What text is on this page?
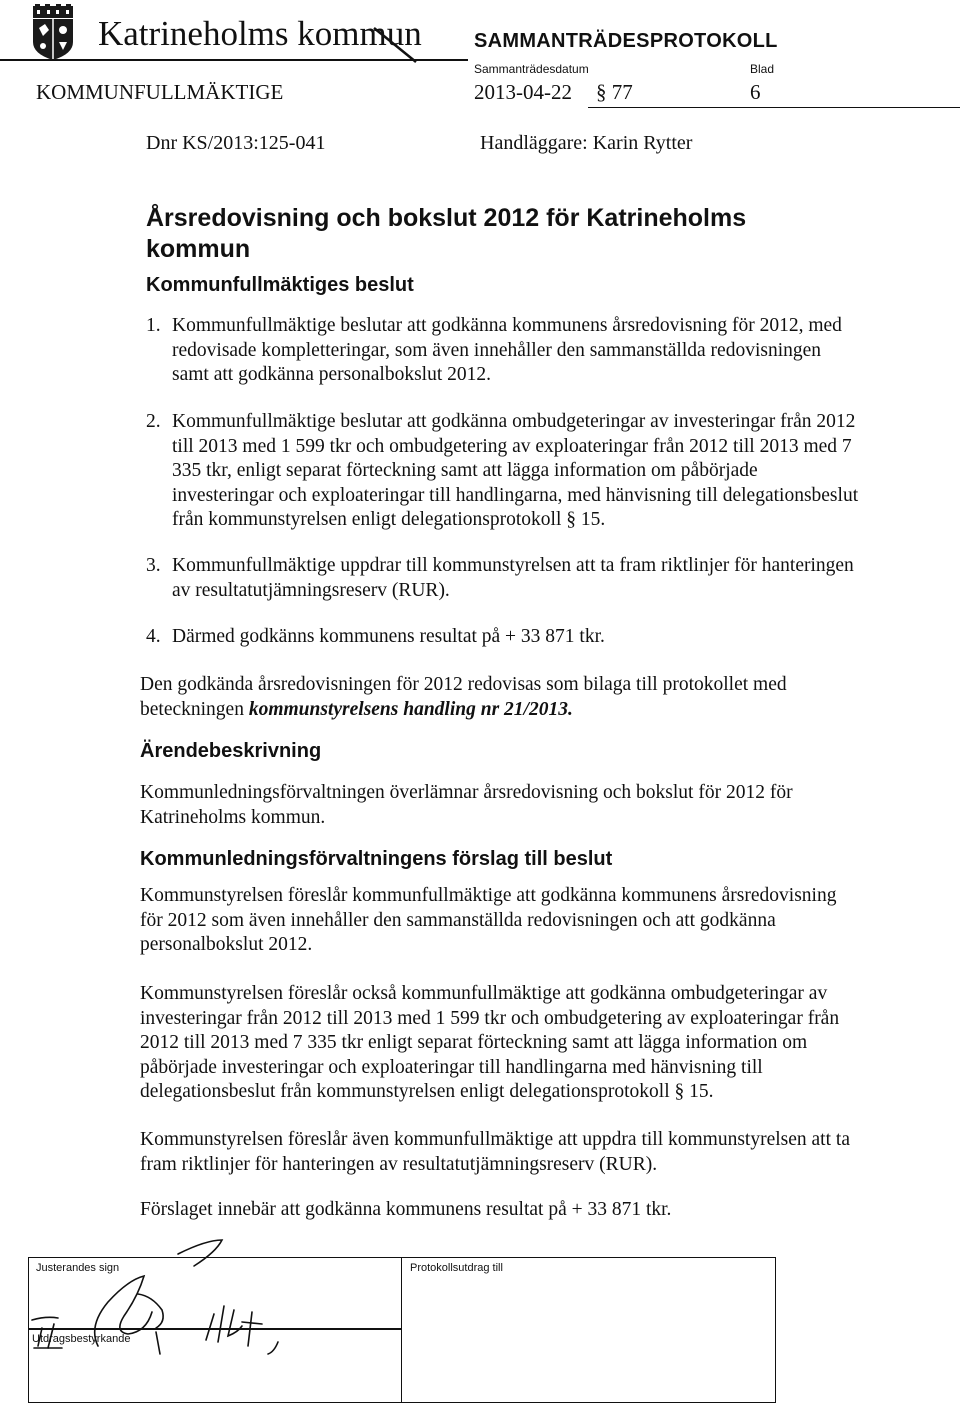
Katrineholms kommun	SAMMANTRÄDESPROTOKOLL
Sammanträdesdatum	Blad
KOMMUNFULLMÄKTIGE	2013-04-22 § 77	6
Dnr KS/2013:125-041	Handläggare: Karin Rytter
Årsredovisning och bokslut 2012 för Katrineholms kommun
Kommunfullmäktiges beslut
1. Kommunfullmäktige beslutar att godkänna kommunens årsredovisning för 2012, med redovisade kompletteringar, som även innehåller den sammanställda redovisningen samt att godkänna personalbokslut 2012.
2. Kommunfullmäktige beslutar att godkänna ombudgeteringar av investeringar från 2012 till 2013 med 1 599 tkr och ombudgetering av exploateringar från 2012 till 2013 med 7 335 tkr, enligt separat förteckning samt att lägga information om påbörjade investeringar och exploateringar till handlingarna, med hänvisning till delegationsbeslut från kommunstyrelsen enligt delegationsprotokoll § 15.
3. Kommunfullmäktige uppdrar till kommunstyrelsen att ta fram riktlinjer för hanteringen av resultatutjämningsreserv (RUR).
4. Därmed godkänns kommunens resultat på + 33 871 tkr.
Den godkända årsredovisningen för 2012 redovisas som bilaga till protokollet med beteckningen kommunstyrelsens handling nr 21/2013.
Ärendebeskrivning
Kommunledningsförvaltningen överlämnar årsredovisning och bokslut för 2012 för Katrineholms kommun.
Kommunledningsförvaltningens förslag till beslut
Kommunstyrelsen föreslår kommunfullmäktige att godkänna kommunens årsredovisning för 2012 som även innehåller den sammanställda redovisningen och att godkänna personalbokslut 2012.
Kommunstyrelsen föreslår också kommunfullmäktige att godkänna ombudgeteringar av investeringar från 2012 till 2013 med 1 599 tkr och ombudgetering av exploateringar från 2012 till 2013 med 7 335 tkr enligt separat förteckning samt att lägga information om påbörjade investeringar och exploateringar till handlingarna med hänvisning till delegationsbeslut från kommunstyrelsen enligt delegationsprotokoll § 15.
Kommunstyrelsen föreslår även kommunfullmäktige att uppdra till kommunstyrelsen att ta fram riktlinjer för hanteringen av resultatutjämningsreserv (RUR).
Förslaget innebär att godkänna kommunens resultat på + 33 871 tkr.
Justerandes sign
Utdragsbestyrkande
Protokollsutdrag till
